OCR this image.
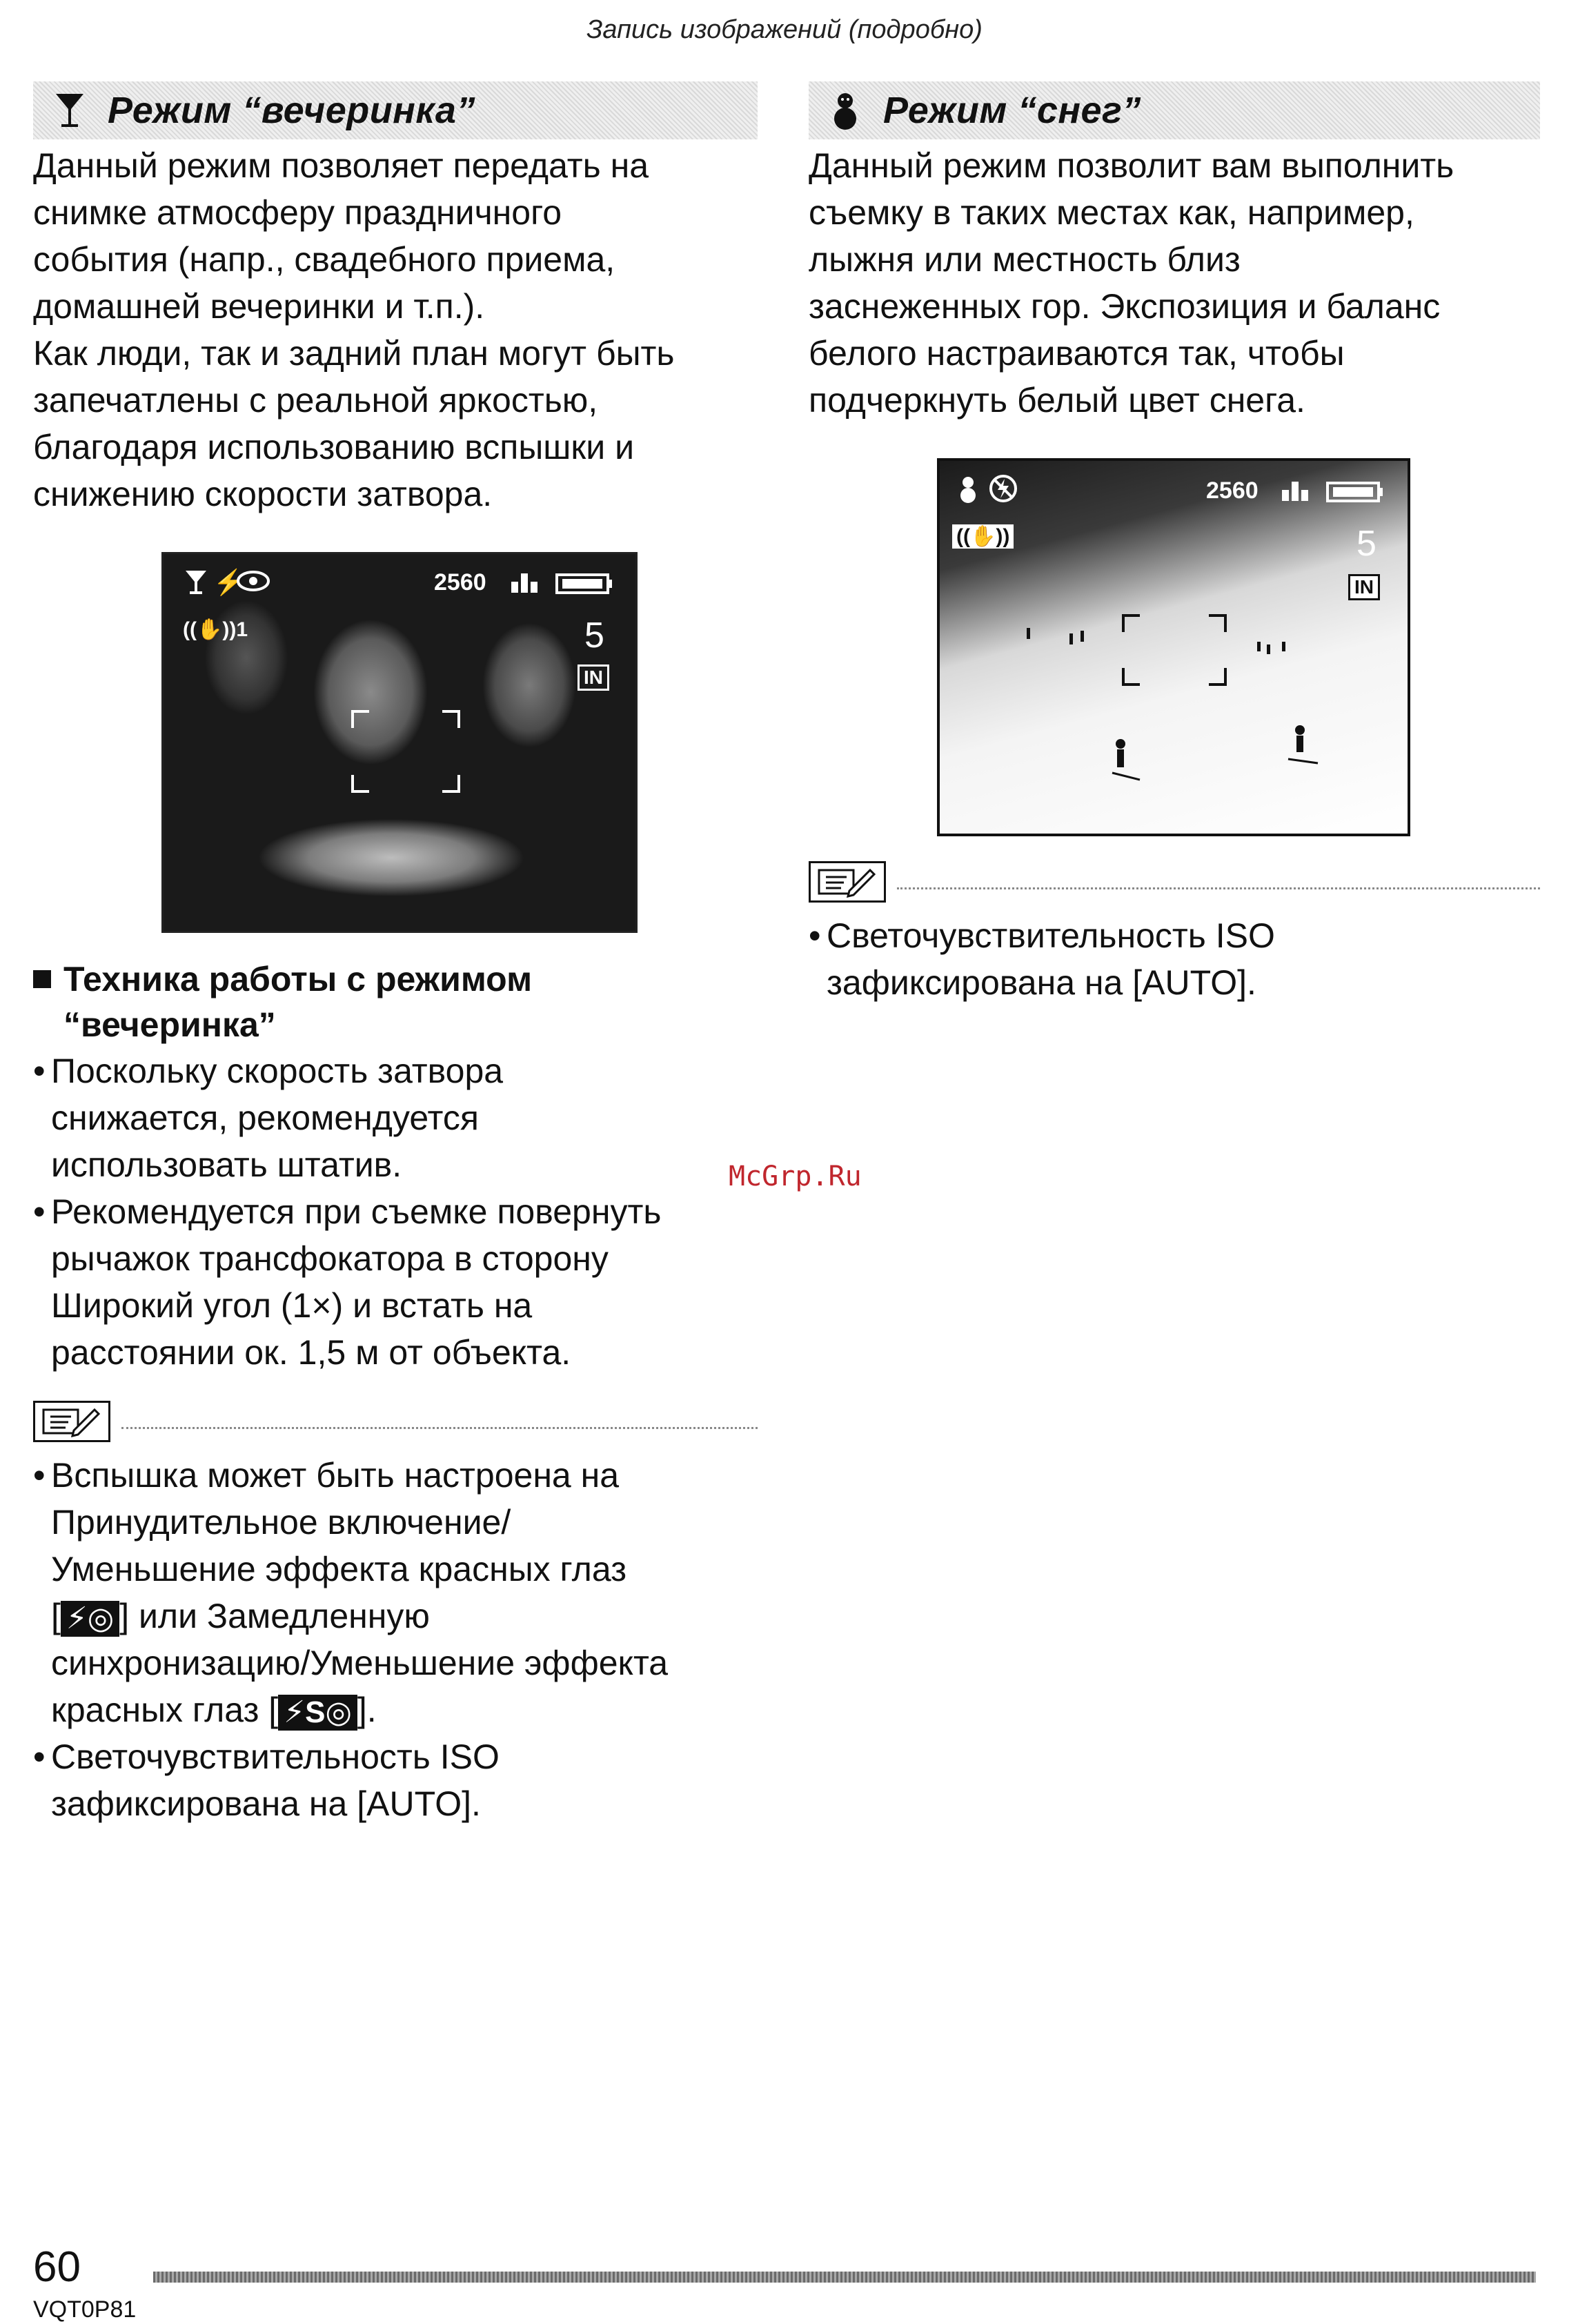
Запись изображений (подробно)
Режим “вечеринка”

Данный режим позволяет передать на

снимке атмосферу праздничного

события (напр., свадебного приема,

домашней вечеринки и т.п.).

Как люди, так и задний план могут быть

запечатлены с реальной яркостью,

благодаря использованию вспышки и

снижению скорости затвора.

⚡	2560
((✋))1	5
IN
Техника работы с режимом
“вечеринка”
• Поскольку скорость затвора
снижается, рекомендуется
использовать штатив.
• Рекомендуется при съемке повернуть
рычажок трансфокатора в сторону
Широкий угол (1×) и встать на
расстоянии ок. 1,5 м от объекта.
• Вспышка может быть настроена на
Принудительное включение/
Уменьшение эффекта красных глаз
[ ⚡◎ ] или Замедленную
синхронизацию/Уменьшение эффекта
красных глаз [ ⚡S◎ ].
• Светочувствительность ISO
зафиксирована на [AUTO].
Режим “снег”

Данный режим позволит вам выполнить

съемку в таких местах как, например,

лыжня или местность близ

заснеженных гор. Экспозиция и баланс

белого настраиваются так, чтобы

подчеркнуть белый цвет снега.

2560
((✋))	5
IN
• Светочувствительность ISO
зафиксирована на [AUTO].
McGrp.Ru
60
VQT0P81
